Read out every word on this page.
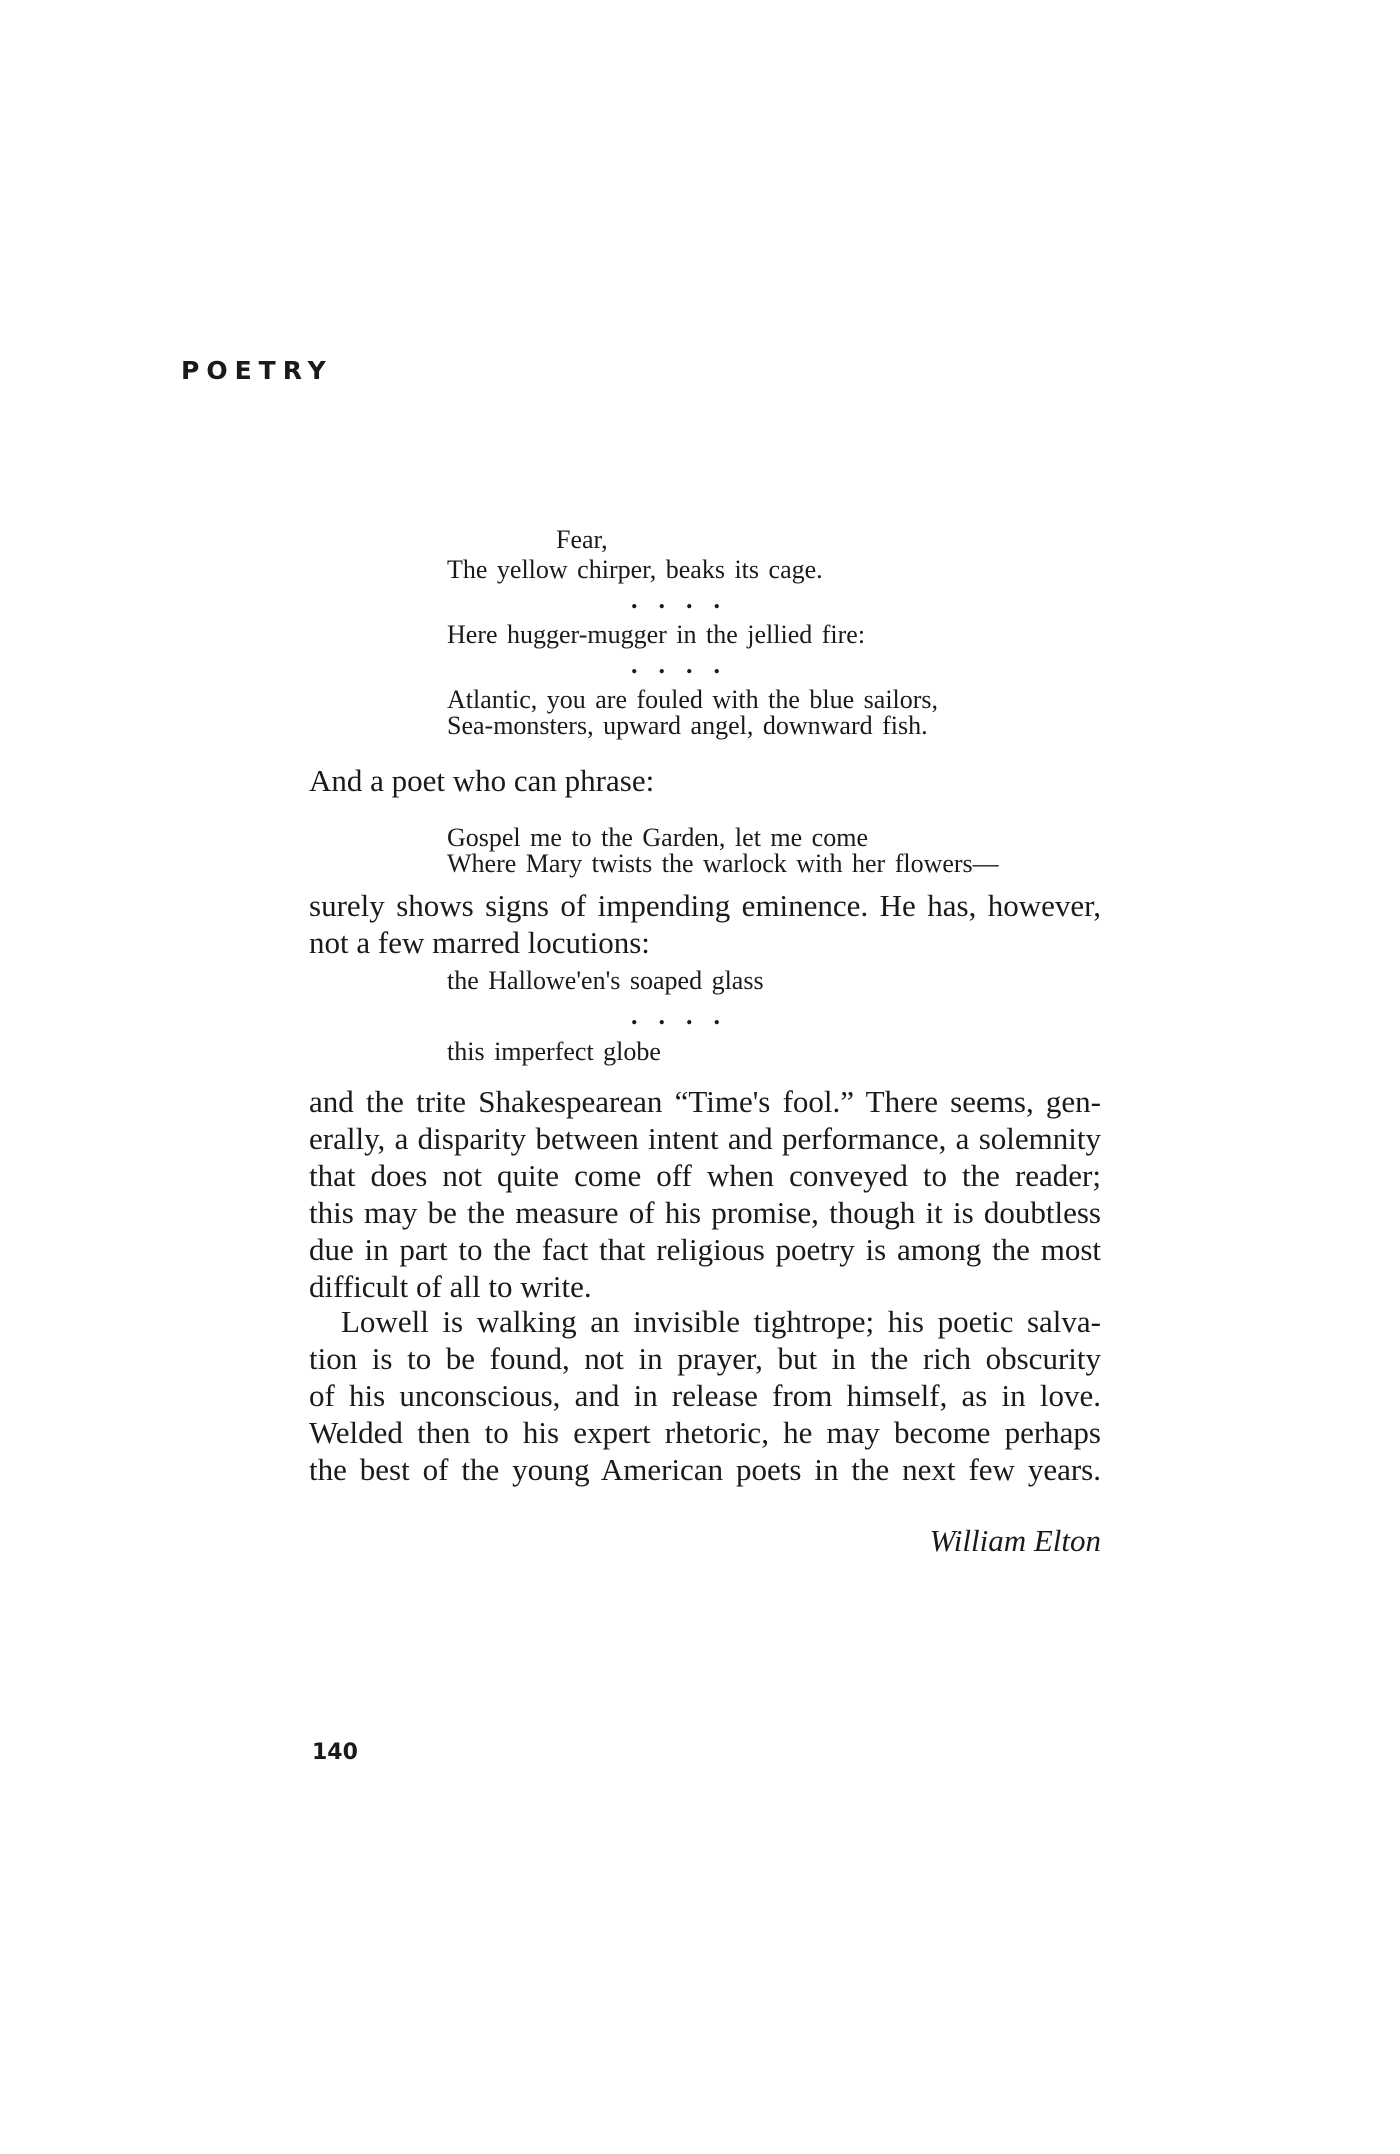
POETRY
Fear,
The yellow chirper, beaks its cage.
....
Here hugger-mugger in the jellied fire:
....
Atlantic, you are fouled with the blue sailors,
Sea-monsters, upward angel, downward fish.
And a poet who can phrase:
Gospel me to the Garden, let me come
Where Mary twists the warlock with her flowers—
surely shows signs of impending eminence. He has, however,
not a few marred locutions:
the Hallowe'en's soaped glass
....
this imperfect globe
and the trite Shakespearean “Time's fool.” There seems, gen-
erally, a disparity between intent and performance, a solemnity
that does not quite come off when conveyed to the reader;
this may be the measure of his promise, though it is doubtless
due in part to the fact that religious poetry is among the most
difficult of all to write.
Lowell is walking an invisible tightrope; his poetic salva-
tion is to be found, not in prayer, but in the rich obscurity
of his unconscious, and in release from himself, as in love.
Welded then to his expert rhetoric, he may become perhaps
the best of the young American poets in the next few years.
William Elton
140
